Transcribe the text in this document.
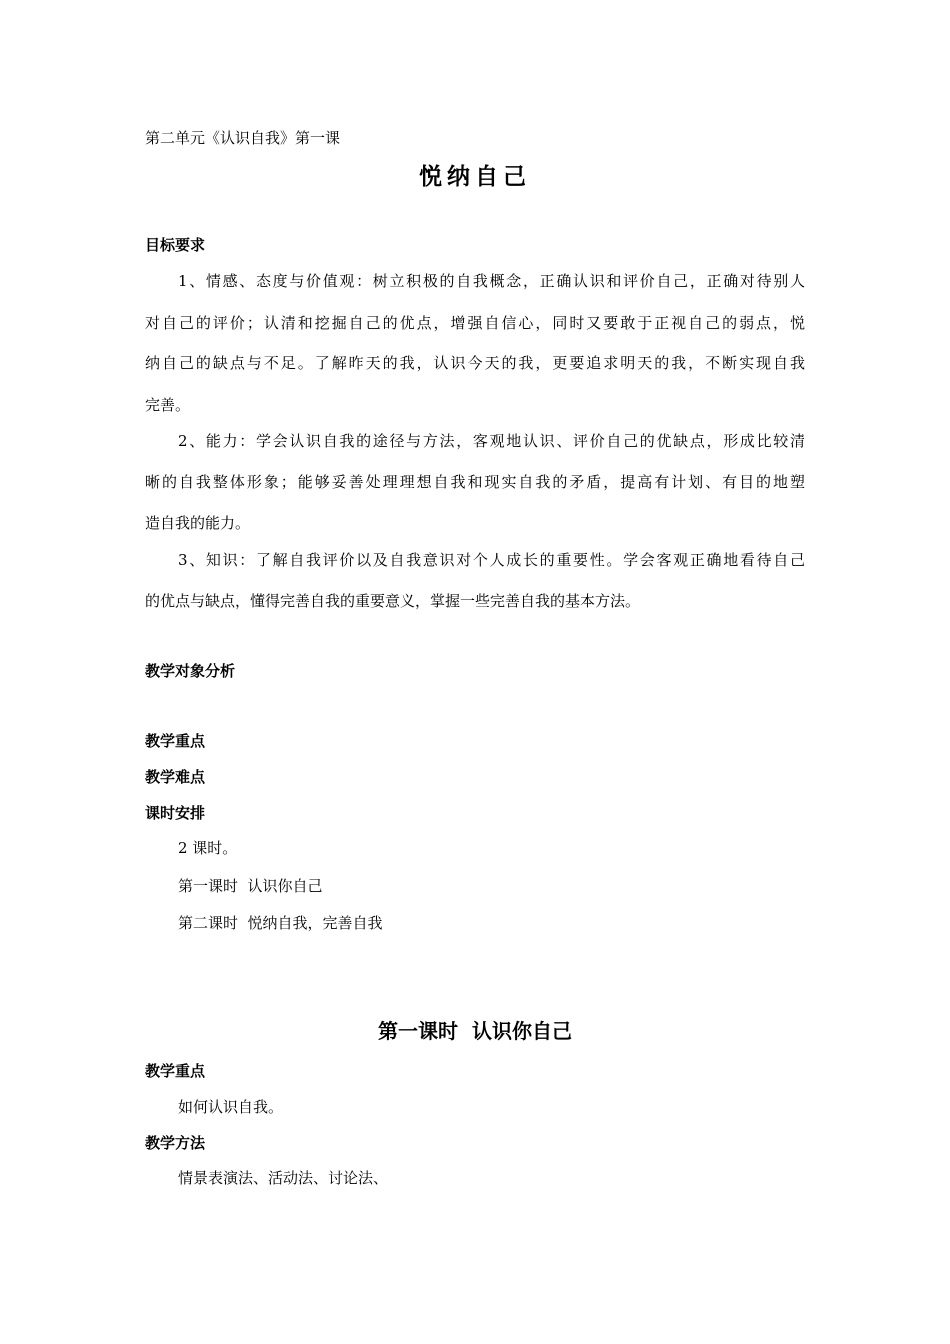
第二单元《认识自我》第一课
悦纳自己
目标要求
1、情感、态度与价值观：树立积极的自我概念，正确认识和评价自己，正确对待别人
对自己的评价；认清和挖掘自己的优点，增强自信心，同时又要敢于正视自己的弱点，悦
纳自己的缺点与不足。了解昨天的我，认识今天的我，更要追求明天的我，不断实现自我
完善。
2、能力：学会认识自我的途径与方法，客观地认识、评价自己的优缺点，形成比较清
晰的自我整体形象；能够妥善处理理想自我和现实自我的矛盾，提高有计划、有目的地塑
造自我的能力。
3、知识：了解自我评价以及自我意识对个人成长的重要性。学会客观正确地看待自己
的优点与缺点，懂得完善自我的重要意义，掌握一些完善自我的基本方法。
教学对象分析
教学重点
教学难点
课时安排
2 课时。
第一课时  认识你自己
第二课时  悦纳自我，完善自我
第一课时  认识你自己
教学重点
如何认识自我。
教学方法
情景表演法、活动法、讨论法、
